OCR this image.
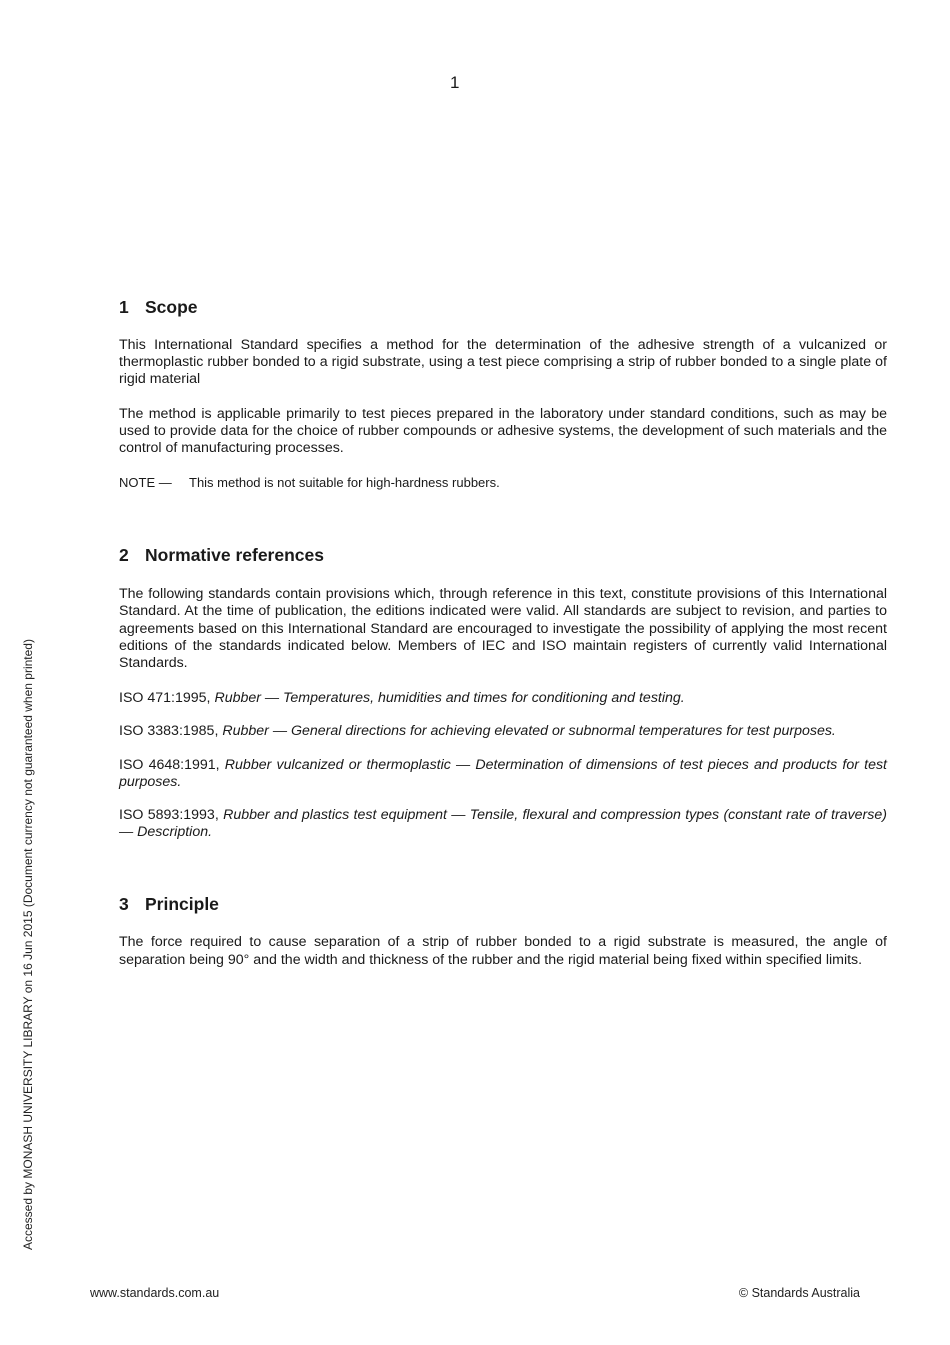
1
1 Scope

This International Standard specifies a method for the determination of the adhesive strength of a vulcanized or thermoplastic rubber bonded to a rigid substrate, using a test piece comprising a strip of rubber bonded to a single plate of rigid material

The method is applicable primarily to test pieces prepared in the laboratory under standard conditions, such as may be used to provide data for the choice of rubber compounds or adhesive systems, the development of such materials and the control of manufacturing processes.

NOTE — This method is not suitable for high-hardness rubbers.

2 Normative references

The following standards contain provisions which, through reference in this text, constitute provisions of this International Standard. At the time of publication, the editions indicated were valid. All standards are subject to revision, and parties to agreements based on this International Standard are encouraged to investigate the possibility of applying the most recent editions of the standards indicated below. Members of IEC and ISO maintain registers of currently valid International Standards.

ISO 471:1995, Rubber — Temperatures, humidities and times for conditioning and testing.

ISO 3383:1985, Rubber — General directions for achieving elevated or subnormal temperatures for test purposes.

ISO 4648:1991, Rubber vulcanized or thermoplastic — Determination of dimensions of test pieces and products for test purposes.

ISO 5893:1993, Rubber and plastics test equipment — Tensile, flexural and compression types (constant rate of traverse) — Description.

3 Principle

The force required to cause separation of a strip of rubber bonded to a rigid substrate is measured, the angle of separation being 90° and the width and thickness of the rubber and the rigid material being fixed within specified limits.

Accessed by MONASH UNIVERSITY LIBRARY on 16 Jun 2015 (Document currency not guaranteed when printed)
www.standards.com.au	© Standards Australia
